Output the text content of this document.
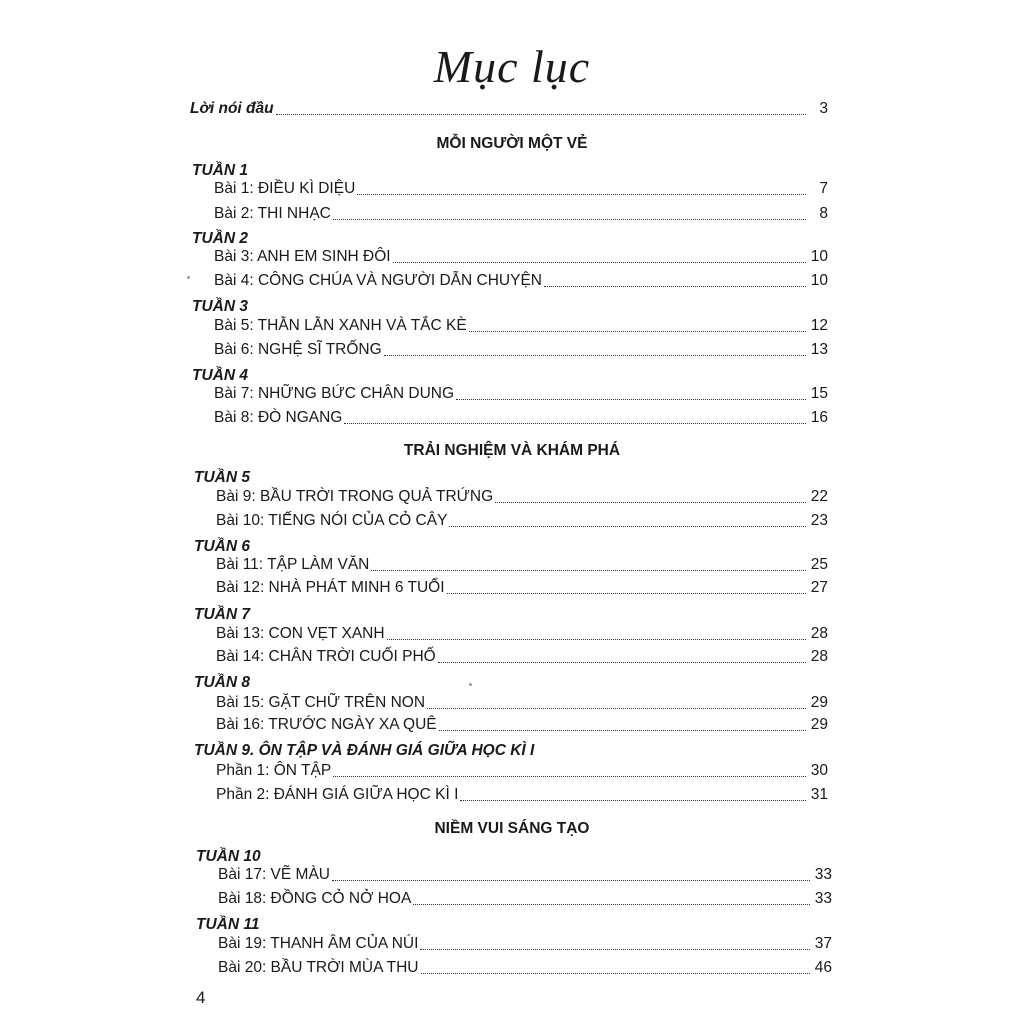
Mục lục
Lời nói đầu	3
MỖI NGƯỜI MỘT VẺ
TUẦN 1
Bài 1: ĐIỀU KÌ DIỆU	7
Bài 2: THI NHẠC	8
TUẦN 2
Bài 3: ANH EM SINH ĐÔI	10
Bài 4: CÔNG CHÚA VÀ NGƯỜI DẪN CHUYỆN	10
TUẦN 3
Bài 5: THẰN LẰN XANH VÀ TẮC KÈ	12
Bài 6: NGHỆ SĨ TRỐNG	13
TUẦN 4
Bài 7: NHỮNG BỨC CHÂN DUNG	15
Bài 8: ĐÒ NGANG	16
TRẢI NGHIỆM VÀ KHÁM PHÁ
TUẦN 5
Bài 9: BẦU TRỜI TRONG QUẢ TRỨNG	22
Bài 10: TIẾNG NÓI CỦA CỎ CÂY	23
TUẦN 6
Bài 11: TẬP LÀM VĂN	25
Bài 12: NHÀ PHÁT MINH 6 TUỔI	27
TUẦN 7
Bài 13: CON VẸT XANH	28
Bài 14: CHÂN TRỜI CUỐI PHỐ	28
TUẦN 8
Bài 15: GẶT CHỮ TRÊN NON	29
Bài 16: TRƯỚC NGÀY XA QUÊ	29
TUẦN 9. ÔN TẬP VÀ ĐÁNH GIÁ GIỮA HỌC KÌ I
Phần 1: ÔN TẬP	30
Phần 2: ĐÁNH GIÁ GIỮA HỌC KÌ I	31
NIỀM VUI SÁNG TẠO
TUẦN 10
Bài 17: VẼ MÀU	33
Bài 18: ĐỒNG CỎ NỞ HOA	33
TUẦN 11
Bài 19: THANH ÂM CỦA NÚI	37
Bài 20: BẦU TRỜI MÙA THU	46
4
